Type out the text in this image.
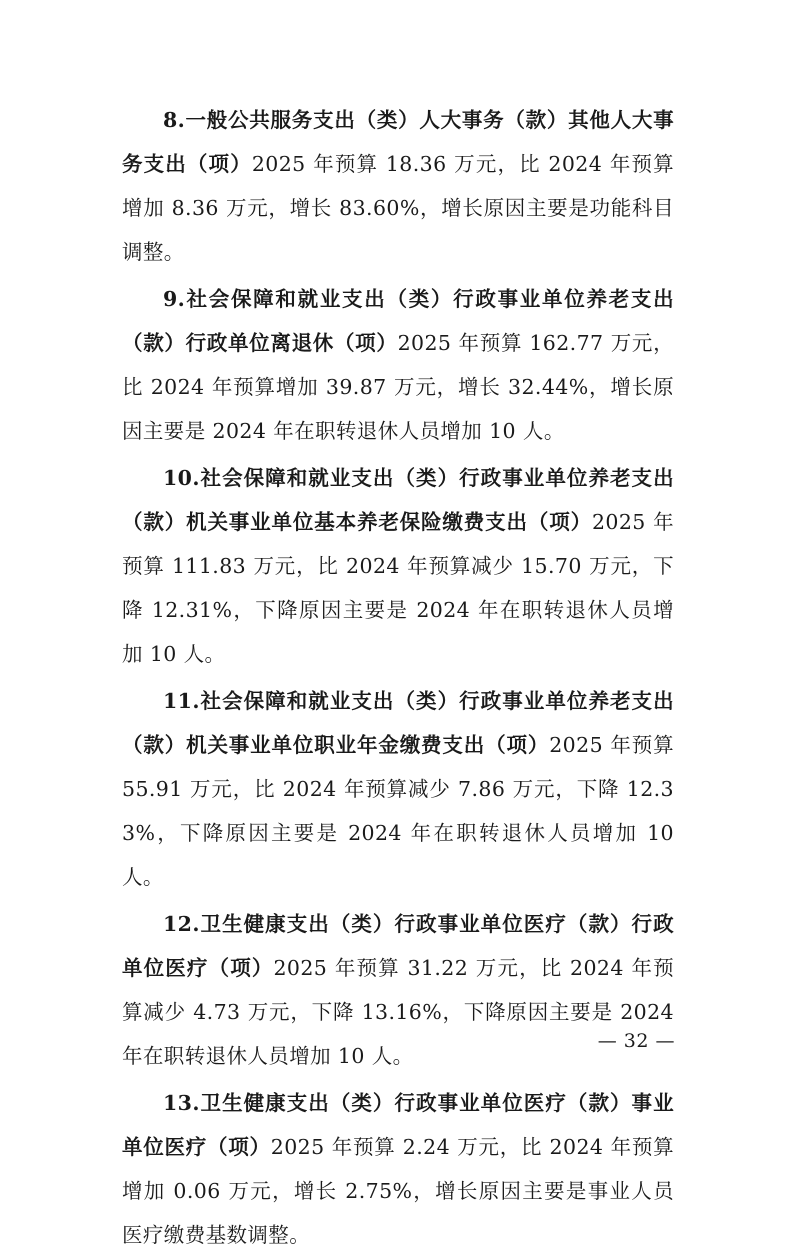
8.一般公共服务支出（类）人大事务（款）其他人大事务支出（项）2025 年预算 18.36 万元，比 2024 年预算增加 8.36 万元，增长 83.60%，增长原因主要是功能科目调整。

9.社会保障和就业支出（类）行政事业单位养老支出（款）行政单位离退休（项）2025 年预算 162.77 万元，比 2024 年预算增加 39.87 万元，增长 32.44%，增长原因主要是 2024 年在职转退休人员增加 10 人。

10.社会保障和就业支出（类）行政事业单位养老支出（款）机关事业单位基本养老保险缴费支出（项）2025 年预算 111.83 万元，比 2024 年预算减少 15.70 万元，下降 12.31%，下降原因主要是 2024 年在职转退休人员增加 10 人。

11.社会保障和就业支出（类）行政事业单位养老支出（款）机关事业单位职业年金缴费支出（项）2025 年预算 55.91 万元，比 2024 年预算减少 7.86 万元，下降 12.33%，下降原因主要是 2024 年在职转退休人员增加 10 人。

12.卫生健康支出（类）行政事业单位医疗（款）行政单位医疗（项）2025 年预算 31.22 万元，比 2024 年预算减少 4.73 万元，下降 13.16%，下降原因主要是 2024 年在职转退休人员增加 10 人。

13.卫生健康支出（类）行政事业单位医疗（款）事业单位医疗（项）2025 年预算 2.24 万元，比 2024 年预算增加 0.06 万元，增长 2.75%，增长原因主要是事业人员医疗缴费基数调整。

— 32 —
